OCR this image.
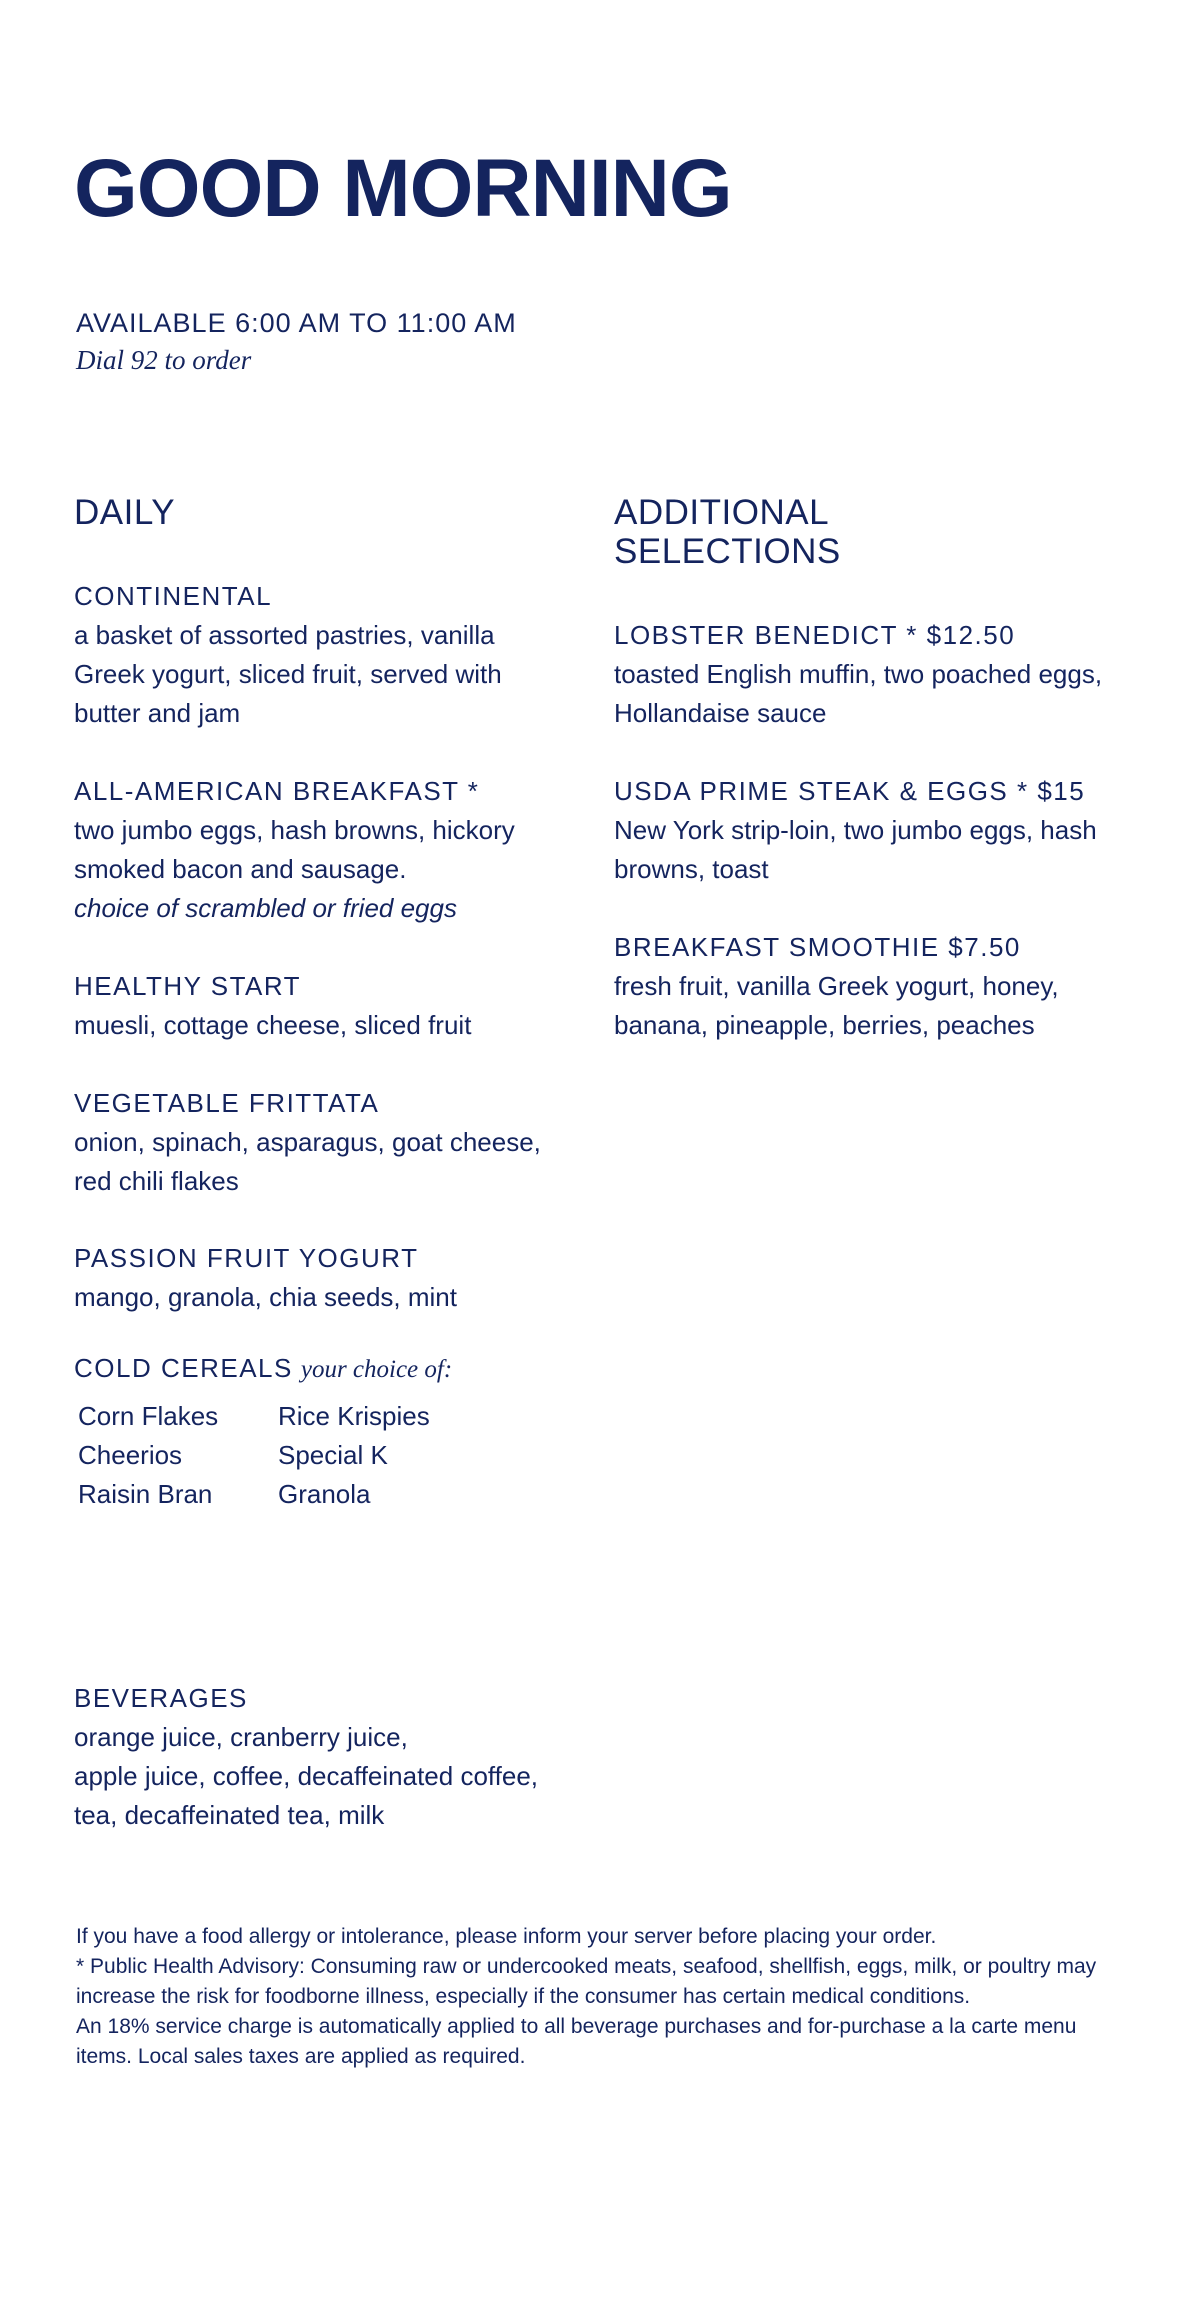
GOOD MORNING
AVAILABLE 6:00 AM TO 11:00 AM
Dial 92 to order
DAILY
CONTINENTAL
a basket of assorted pastries, vanilla
Greek yogurt, sliced fruit, served with
butter and jam
ALL-AMERICAN BREAKFAST *
two jumbo eggs, hash browns, hickory
smoked bacon and sausage.
choice of scrambled or fried eggs
HEALTHY START
muesli, cottage cheese, sliced fruit
VEGETABLE FRITTATA
onion, spinach, asparagus, goat cheese,
red chili flakes
PASSION FRUIT YOGURT
mango, granola, chia seeds, mint
COLD CEREALS your choice of:
Corn Flakes	Rice Krispies
Cheerios	Special K
Raisin Bran	Granola
ADDITIONAL
SELECTIONS
LOBSTER BENEDICT * $12.50
toasted English muffin, two poached eggs,
Hollandaise sauce
USDA PRIME STEAK & EGGS * $15
New York strip-loin, two jumbo eggs, hash
browns, toast
BREAKFAST SMOOTHIE $7.50
fresh fruit, vanilla Greek yogurt, honey,
banana, pineapple, berries, peaches
BEVERAGES
orange juice, cranberry juice,
apple juice, coffee, decaffeinated coffee,
tea, decaffeinated tea, milk

If you have a food allergy or intolerance, please inform your server before placing your order.

* Public Health Advisory: Consuming raw or undercooked meats, seafood, shellfish, eggs, milk, or poultry may increase the risk for foodborne illness, especially if the consumer has certain medical conditions.

An 18% service charge is automatically applied to all beverage purchases and for-purchase a la carte menu items. Local sales taxes are applied as required.
